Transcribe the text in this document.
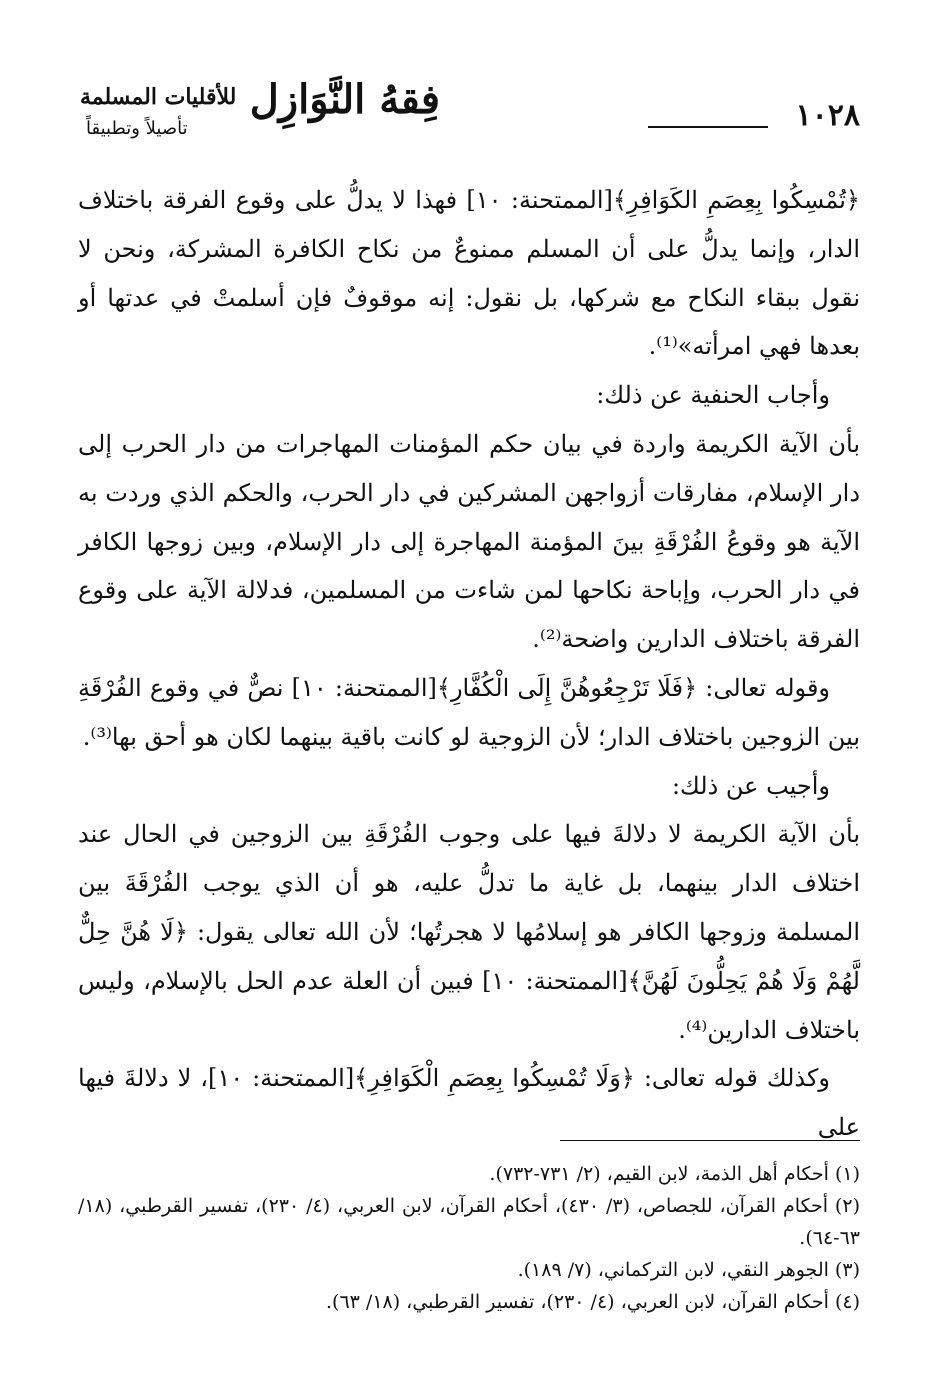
فِقهُ النَّوَازِل
للأقليات المسلمة
تأصيلاً وتطبيقاً	١٠٢٨

﴿تُمْسِكُوا بِعِصَمِ الكَوَافِرِ﴾[الممتحنة: ١٠] فهذا لا يدلُّ على وقوع الفرقة باختلاف الدار، وإنما يدلُّ على أن المسلم ممنوعٌ من نكاح الكافرة المشركة، ونحن لا نقول ببقاء النكاح مع شركها، بل نقول: إنه موقوفٌ فإن أسلمتْ في عدتها أو بعدها فهي امرأته»⁽¹⁾.

وأجاب الحنفية عن ذلك:

بأن الآية الكريمة واردة في بيان حكم المؤمنات المهاجرات من دار الحرب إلى دار الإسلام، مفارقات أزواجهن المشركين في دار الحرب، والحكم الذي وردت به الآية هو وقوعُ الفُرْقَةِ بينَ المؤمنة المهاجرة إلى دار الإسلام، وبين زوجها الكافر في دار الحرب، وإباحة نكاحها لمن شاءت من المسلمين، فدلالة الآية على وقوع الفرقة باختلاف الدارين واضحة⁽²⁾.

وقوله تعالى: ﴿فَلَا تَرْجِعُوهُنَّ إِلَى الْكُفَّارِ﴾[الممتحنة: ١٠] نصٌّ في وقوع الفُرْقَةِ بين الزوجين باختلاف الدار؛ لأن الزوجية لو كانت باقية بينهما لكان هو أحق بها⁽³⁾.

وأجيب عن ذلك:

بأن الآية الكريمة لا دلالةَ فيها على وجوب الفُرْقَةِ بين الزوجين في الحال عند اختلاف الدار بينهما، بل غاية ما تدلُّ عليه، هو أن الذي يوجب الفُرْقَةَ بين المسلمة وزوجها الكافر هو إسلامُها لا هجرتُها؛ لأن الله تعالى يقول: ﴿لَا هُنَّ حِلٌّ لَّهُمْ وَلَا هُمْ يَحِلُّونَ لَهُنَّ﴾[الممتحنة: ١٠] فبين أن العلة عدم الحل بالإسلام، وليس باختلاف الدارين⁽⁴⁾.

وكذلك قوله تعالى: ﴿وَلَا تُمْسِكُوا بِعِصَمِ الْكَوَافِرِ﴾[الممتحنة: ١٠]، لا دلالةَ فيها على

(١) أحكام أهل الذمة، لابن القيم، (٢/ ٧٣١-٧٣٢).

(٢) أحكام القرآن، للجصاص، (٣/ ٤٣٠)، أحكام القرآن، لابن العربي، (٤/ ٢٣٠)، تفسير القرطبي، (١٨/ ٦٣-٦٤).

(٣) الجوهر النقي، لابن التركماني، (٧/ ١٨٩).

(٤) أحكام القرآن، لابن العربي، (٤/ ٢٣٠)، تفسير القرطبي، (١٨/ ٦٣).
